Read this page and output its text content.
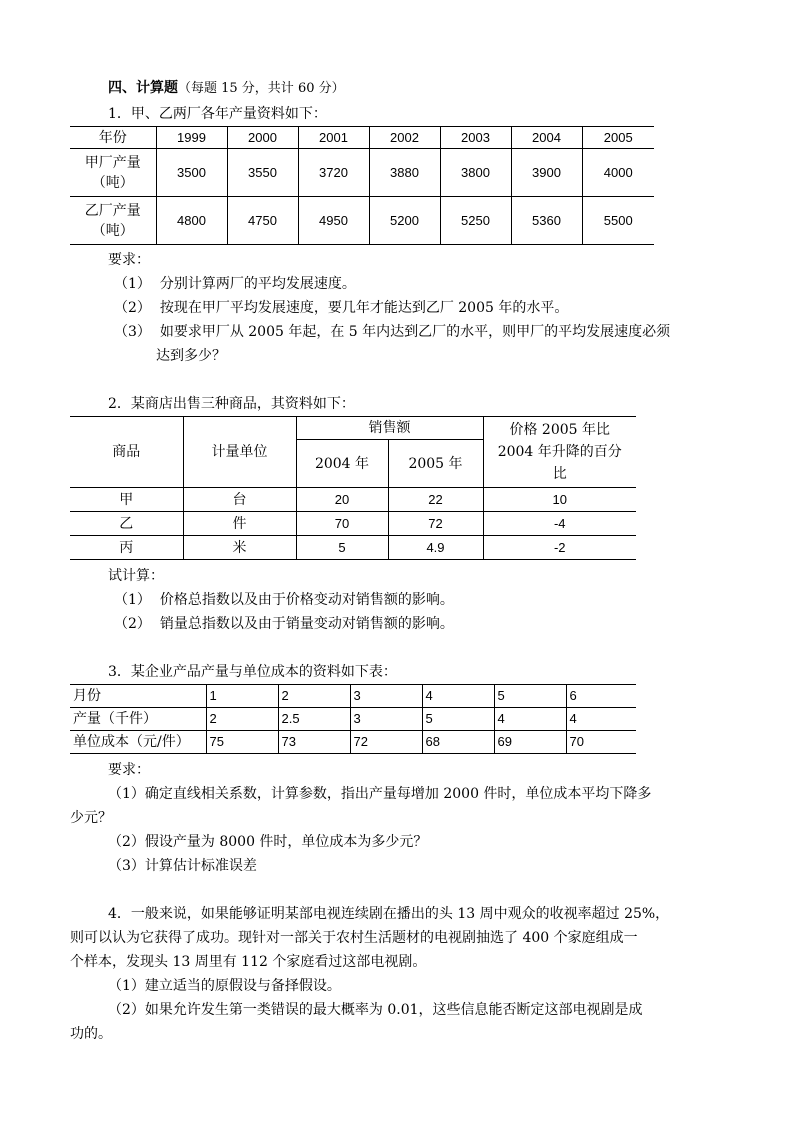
四、计算题（每题 15 分，共计 60 分）
1．甲、乙两厂各年产量资料如下：
年份	1999	2000	2001	2002	2003	2004	2005

甲厂产量
（吨）	3500	3550	3720	3880	3800	3900	4000

乙厂产量
（吨）	4800	4750	4950	5200	5250	5360	5500
要求：
（1） 分别计算两厂的平均发展速度。
（2） 按现在甲厂平均发展速度，要几年才能达到乙厂 2005 年的水平。
（3） 如要求甲厂从 2005 年起，在 5 年内达到乙厂的水平，则甲厂的平均发展速度必须
达到多少？
2．某商店出售三种商品，其资料如下：
商品	计量单位	销售额		价格 2005 年比
2004 年升降的百分
比

		2004 年	2005 年	
甲	台	20	22	10
乙	件	70	72	-4
丙	米	5	4.9	-2
试计算：
（1） 价格总指数以及由于价格变动对销售额的影响。
（2） 销量总指数以及由于销量变动对销售额的影响。
3．某企业产品产量与单位成本的资料如下表：
月份	1	2	3	4	5	6
产量（千件）	2	2.5	3	5	4	4
单位成本（元/件）	75	73	72	68	69	70
要求：
（1）确定直线相关系数，计算参数，指出产量每增加 2000 件时，单位成本平均下降多
少元？
（2）假设产量为 8000 件时，单位成本为多少元？
（3）计算估计标准误差
4．一般来说，如果能够证明某部电视连续剧在播出的头 13 周中观众的收视率超过 25%，
则可以认为它获得了成功。现针对一部关于农村生活题材的电视剧抽选了 400 个家庭组成一
个样本，发现头 13 周里有 112 个家庭看过这部电视剧。
（1）建立适当的原假设与备择假设。
（2）如果允许发生第一类错误的最大概率为 0.01，这些信息能否断定这部电视剧是成
功的。
